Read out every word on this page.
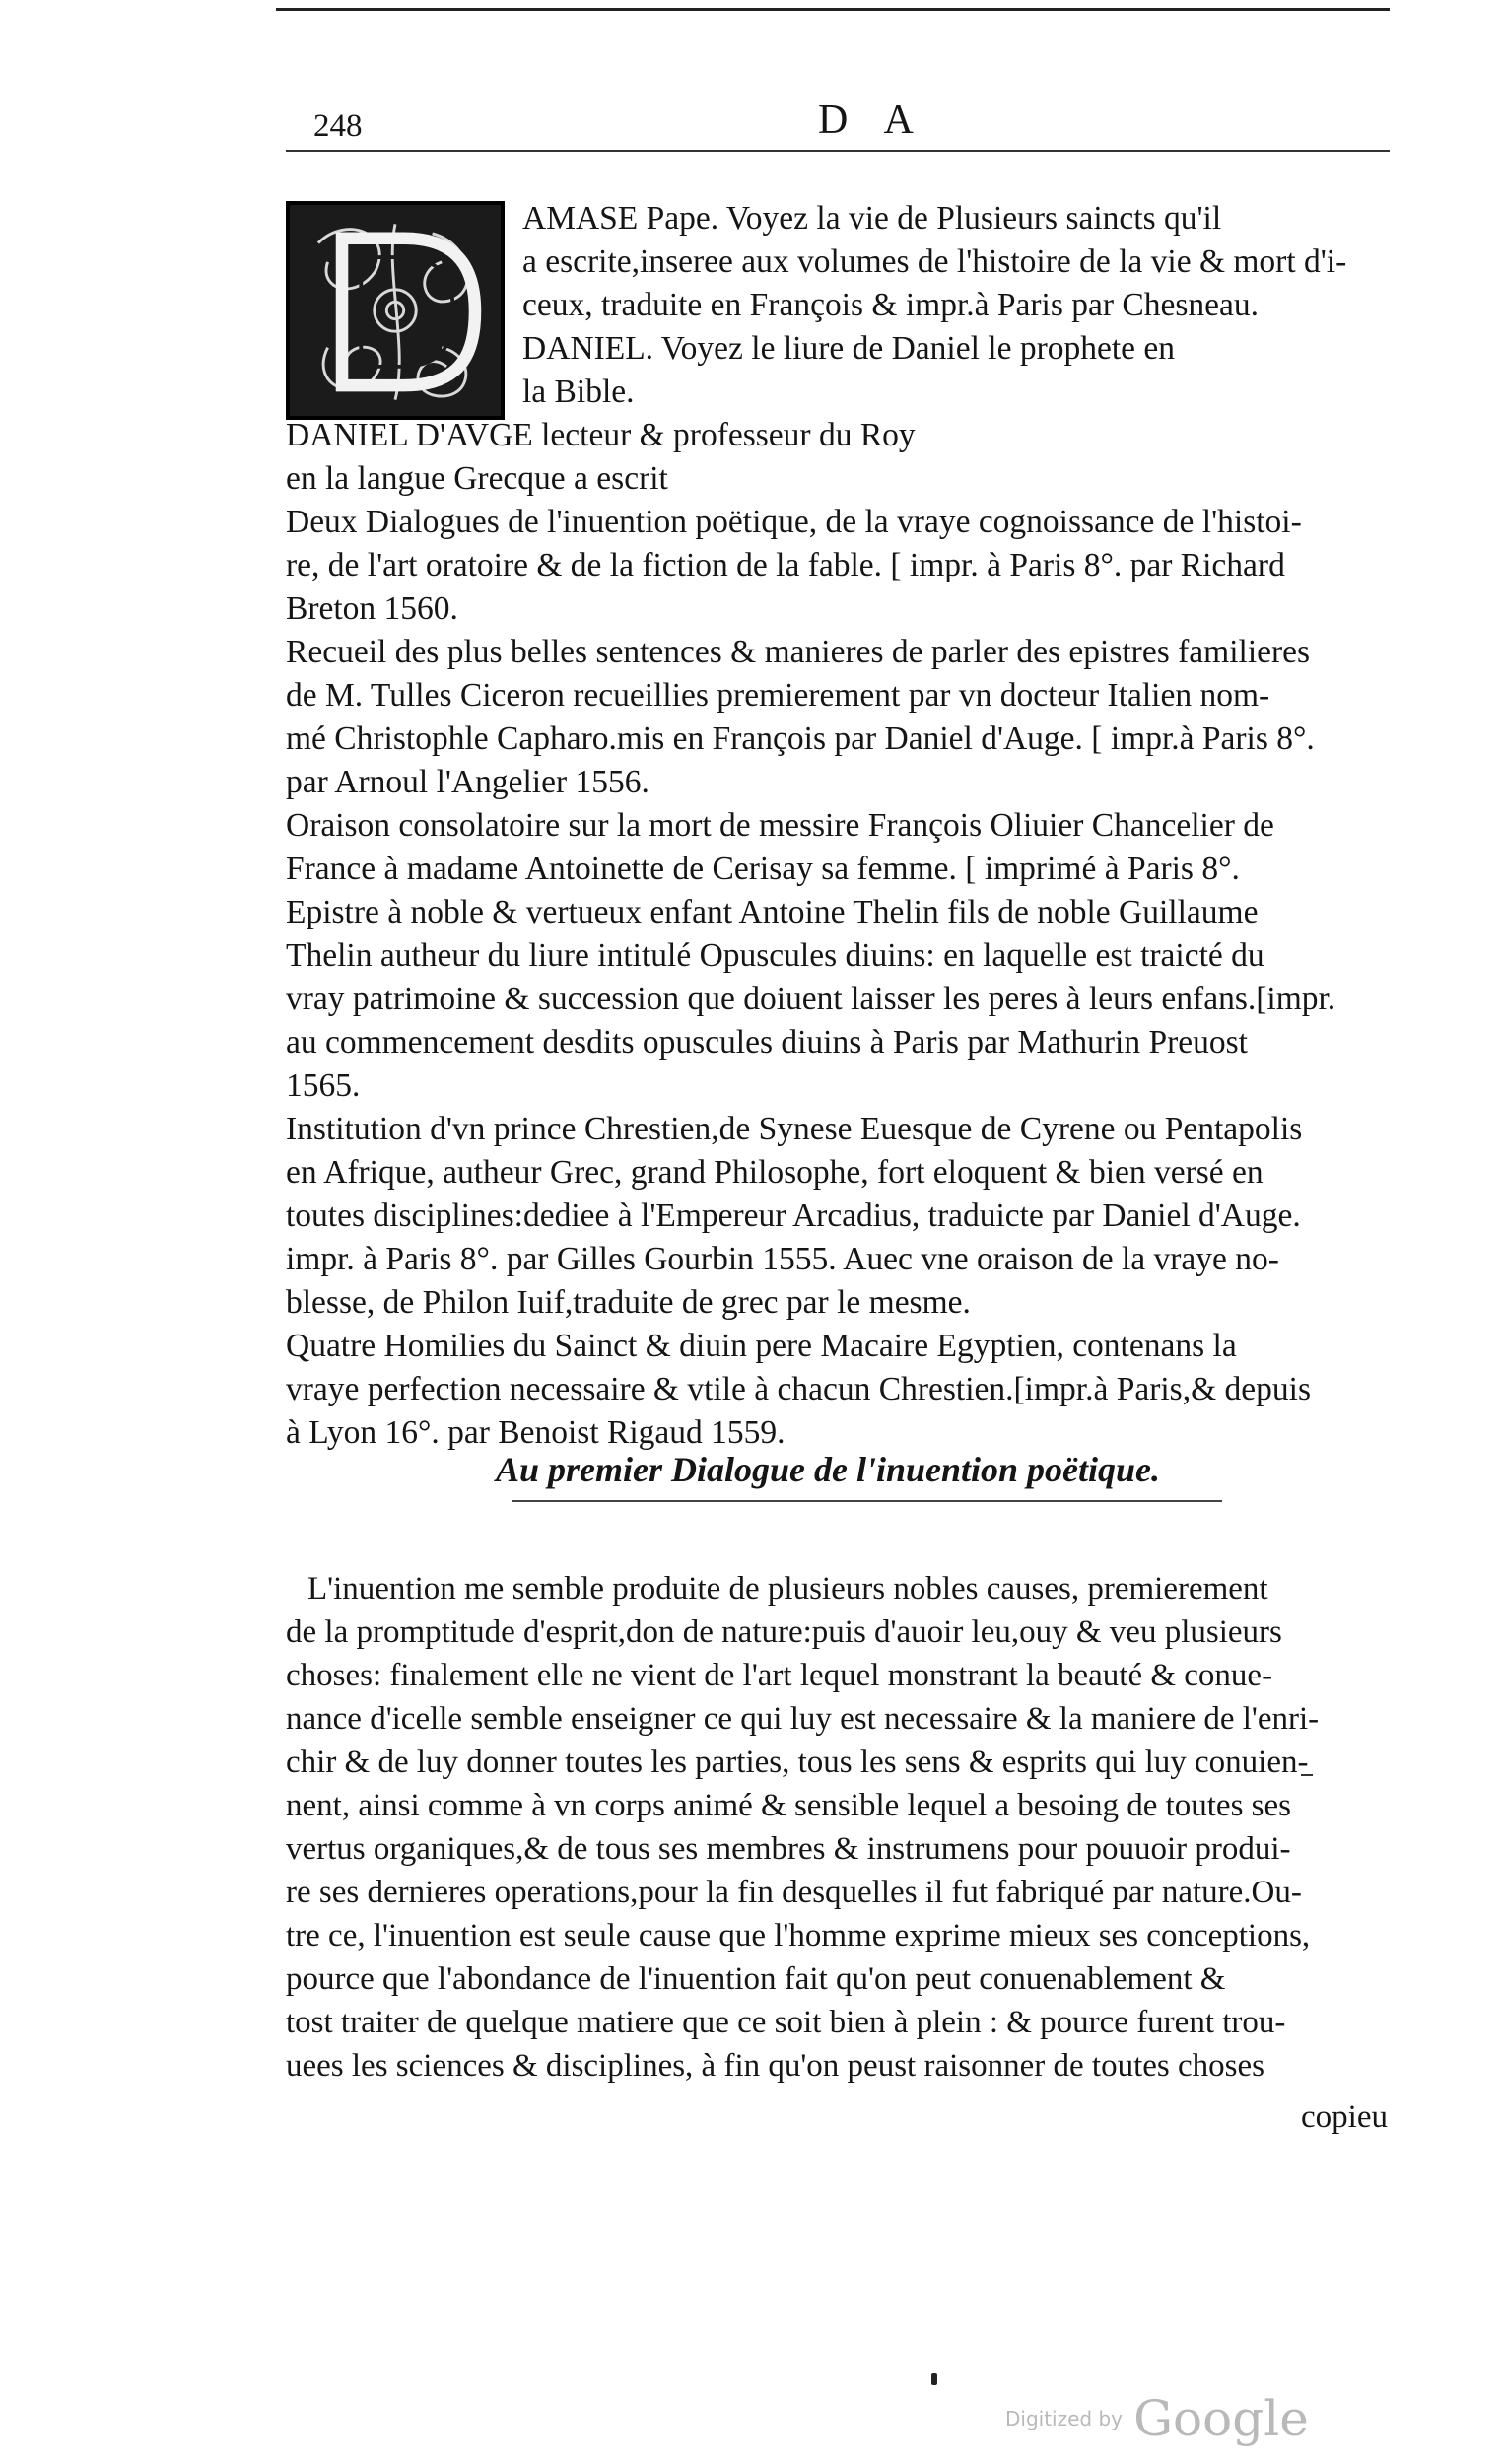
248	D A
AMASE Pape. Voyez la vie de Plusieurs saincts qu'il
a escrite,inseree aux volumes de l'histoire de la vie & mort d'i-
ceux, traduite en François & impr.à Paris par Chesneau.
DANIEL. Voyez le liure de Daniel le prophete en
la Bible.
DANIEL D'AVGE lecteur & professeur du Roy
en la langue Grecque a escrit
Deux Dialogues de l'inuention poëtique, de la vraye cognoissance de l'histoi-
re, de l'art oratoire & de la fiction de la fable. [ impr. à Paris 8°. par Richard
Breton 1560.
Recueil des plus belles sentences & manieres de parler des epistres familieres
de M. Tulles Ciceron recueillies premierement par vn docteur Italien nom-
mé Christophle Capharo.mis en François par Daniel d'Auge. [ impr.à Paris 8°.
par Arnoul l'Angelier 1556.
Oraison consolatoire sur la mort de messire François Oliuier Chancelier de
France à madame Antoinette de Cerisay sa femme. [ imprimé à Paris 8°.
Epistre à noble & vertueux enfant Antoine Thelin fils de noble Guillaume
Thelin autheur du liure intitulé Opuscules diuins: en laquelle est traicté du
vray patrimoine & succession que doiuent laisser les peres à leurs enfans.[impr.
au commencement desdits opuscules diuins à Paris par Mathurin Preuost
1565.
Institution d'vn prince Chrestien,de Synese Euesque de Cyrene ou Pentapolis
en Afrique, autheur Grec, grand Philosophe, fort eloquent & bien versé en
toutes disciplines:dediee à l'Empereur Arcadius, traduicte par Daniel d'Auge.
impr. à Paris 8°. par Gilles Gourbin 1555. Auec vne oraison de la vraye no-
blesse, de Philon Iuif,traduite de grec par le mesme.
Quatre Homilies du Sainct & diuin pere Macaire Egyptien, contenans la
vraye perfection necessaire & vtile à chacun Chrestien.[impr.à Paris,& depuis
à Lyon 16°. par Benoist Rigaud 1559.
Au premier Dialogue de l'inuention poëtique.
L'inuention me semble produite de plusieurs nobles causes, premierement
de la promptitude d'esprit,don de nature:puis d'auoir leu,ouy & veu plusieurs
choses: finalement elle ne vient de l'art lequel monstrant la beauté & conue-
nance d'icelle semble enseigner ce qui luy est necessaire & la maniere de l'enri-
chir & de luy donner toutes les parties, tous les sens & esprits qui luy conuien-
nent, ainsi comme à vn corps animé & sensible lequel a besoing de toutes ses
vertus organiques,& de tous ses membres & instrumens pour pouuoir produi-
re ses dernieres operations,pour la fin desquelles il fut fabriqué par nature.Ou-
tre ce, l'inuention est seule cause que l'homme exprime mieux ses conceptions,
pource que l'abondance de l'inuention fait qu'on peut conuenablement &
tost traiter de quelque matiere que ce soit bien à plein : & pource furent trou-
uees les sciences & disciplines, à fin qu'on peust raisonner de toutes choses
copieu
Digitized by Google
